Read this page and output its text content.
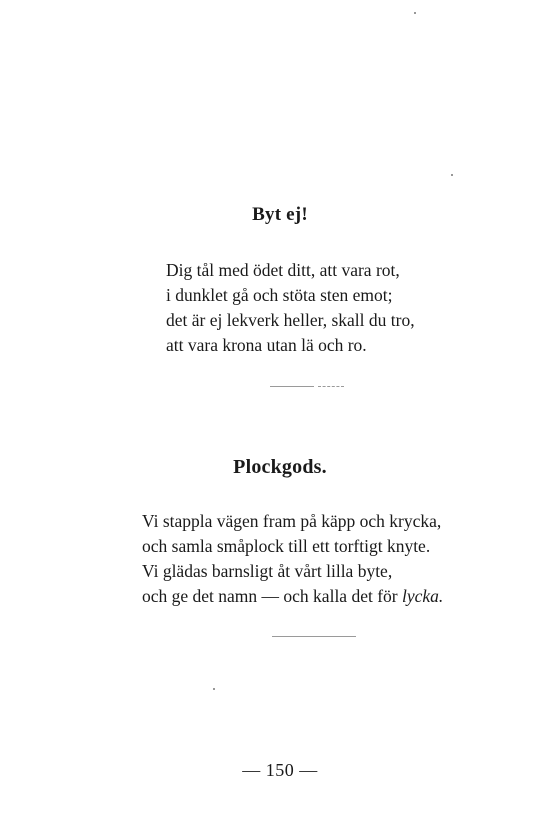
Byt ej!
Dig tål med ödet ditt, att vara rot,
i dunklet gå och stöta sten emot;
det är ej lekverk heller, skall du tro,
att vara krona utan lä och ro.
Plockgods.
Vi stappla vägen fram på käpp och krycka,
och samla småplock till ett torftigt knyte.
Vi glädas barnsligt åt vårt lilla byte,
och ge det namn — och kalla det för lycka.
— 150 —
